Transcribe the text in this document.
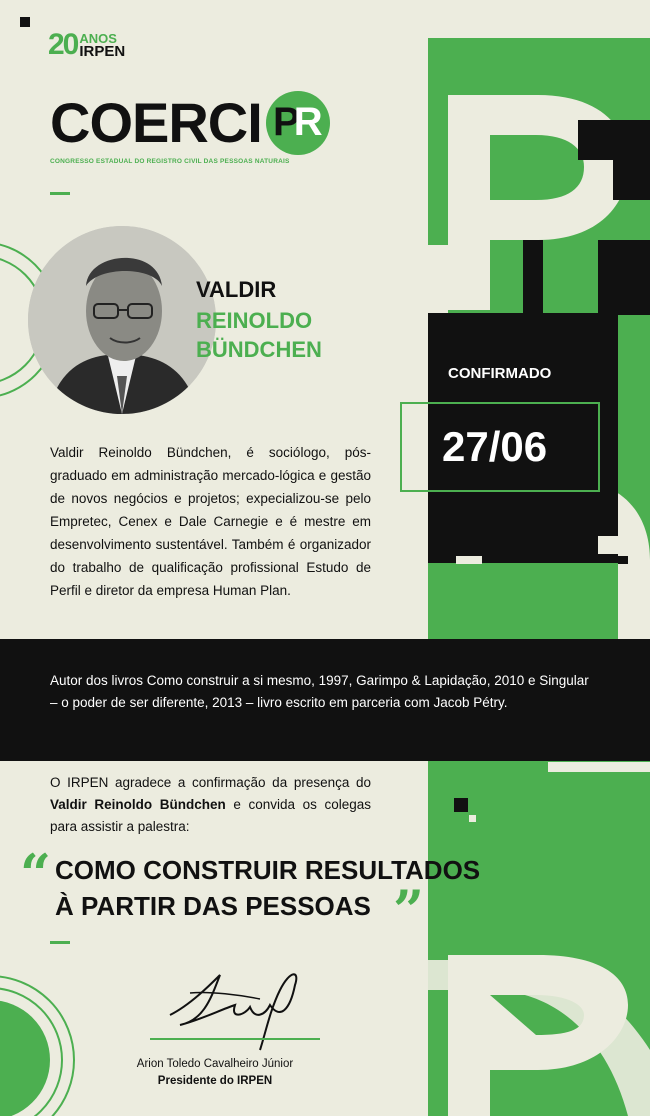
20 ANOS
IRPEN
COERCI P
R
CONGRESSO ESTADUAL DO REGISTRO CIVIL DAS PESSOAS NATURAIS
VALDIR
REINOLDO
BÜNDCHEN
Valdir Reinoldo Bündchen, é sociólogo, pós-graduado em administração mercado-lógica e gestão de novos negócios e projetos; expecializou-se pelo Empretec, Cenex e Dale Carnegie e é mestre em desenvolvimento sustentável. Também é organizador do trabalho de qualificação profissional Estudo de Perfil e diretor da empresa Human Plan.
CONFIRMADO
27/06
Autor dos livros Como construir a si mesmo, 1997, Garimpo & Lapidação, 2010 e Singular – o poder de ser diferente, 2013 – livro escrito em parceria com Jacob Pétry.
O IRPEN agradece a confirmação da presença do Valdir Reinoldo Bündchen e convida os colegas para assistir a palestra:
“ COMO CONSTRUIR RESULTADOS
À PARTIR DAS PESSOAS ”
Arion Toledo Cavalheiro Júnior
Presidente do IRPEN
